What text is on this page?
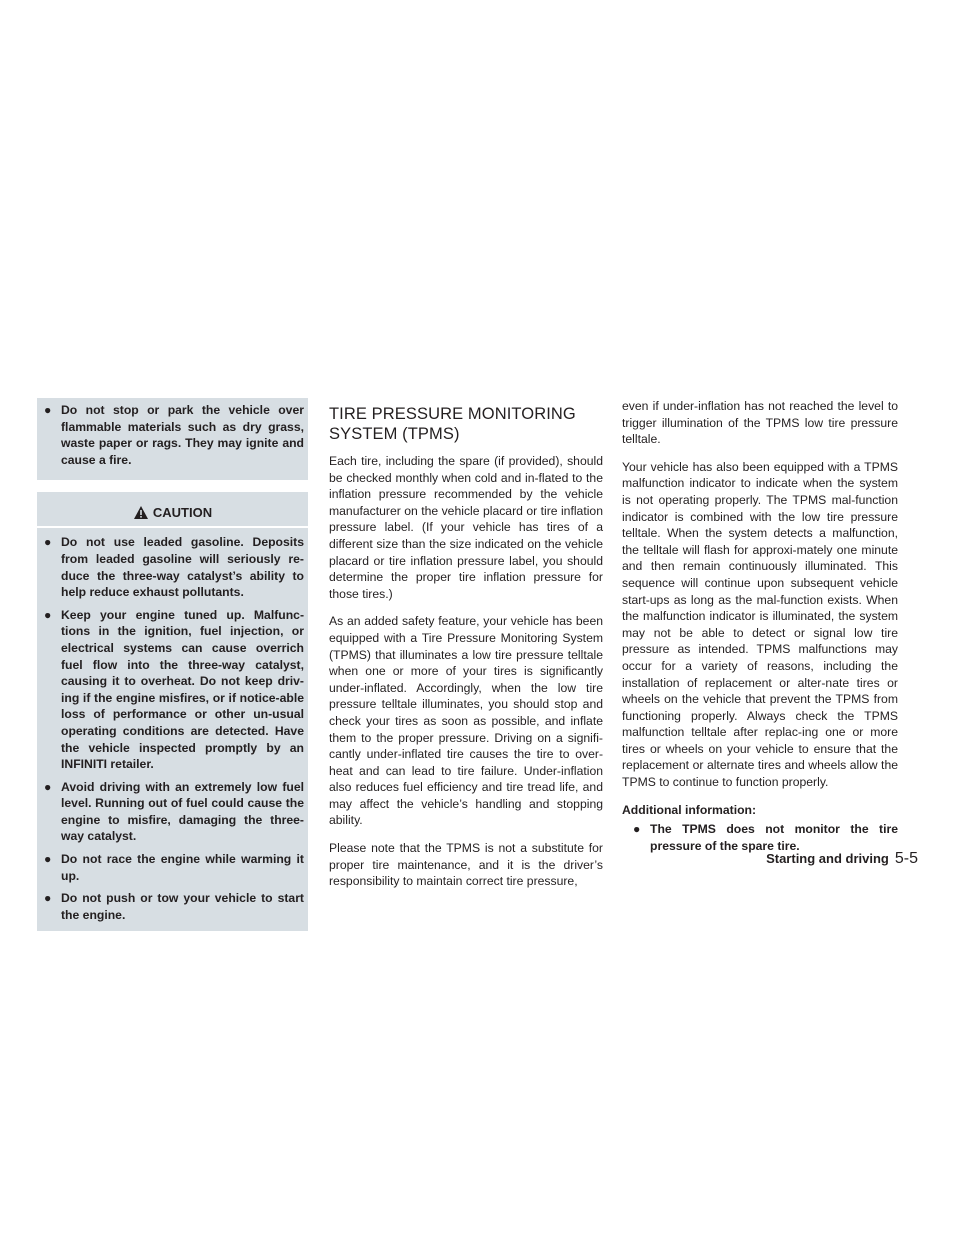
● Do not stop or park the vehicle over flammable materials such as dry grass, waste paper or rags. They may ignite and cause a fire.
CAUTION
● Do not use leaded gasoline. Deposits from leaded gasoline will seriously re-duce the three-way catalyst’s ability to help reduce exhaust pollutants.
● Keep your engine tuned up. Malfunc-tions in the ignition, fuel injection, or electrical systems can cause overrich fuel flow into the three-way catalyst, causing it to overheat. Do not keep driv-ing if the engine misfires, or if notice-able loss of performance or other un-usual operating conditions are detected. Have the vehicle inspected promptly by an INFINITI retailer.
● Avoid driving with an extremely low fuel level. Running out of fuel could cause the engine to misfire, damaging the three-way catalyst.
● Do not race the engine while warming it up.
● Do not push or tow your vehicle to start the engine.
TIRE PRESSURE MONITORING SYSTEM (TPMS)

Each tire, including the spare (if provided), should be checked monthly when cold and in-flated to the inflation pressure recommended by the vehicle manufacturer on the vehicle placard or tire inflation pressure label. (If your vehicle has tires of a different size than the size indicated on the vehicle placard or tire inflation pressure label, you should determine the proper tire inflation pressure for those tires.)

As an added safety feature, your vehicle has been equipped with a Tire Pressure Monitoring System (TPMS) that illuminates a low tire pressure telltale when one or more of your tires is significantly under-inflated. Accordingly, when the low tire pressure telltale illuminates, you should stop and check your tires as soon as possible, and inflate them to the proper pressure. Driving on a signifi-cantly under-inflated tire causes the tire to over-heat and can lead to tire failure. Under-inflation also reduces fuel efficiency and tire tread life, and may affect the vehicle’s handling and stopping ability.

Please note that the TPMS is not a substitute for proper tire maintenance, and it is the driver’s responsibility to maintain correct tire pressure,

even if under-inflation has not reached the level to trigger illumination of the TPMS low tire pressure telltale.

Your vehicle has also been equipped with a TPMS malfunction indicator to indicate when the system is not operating properly. The TPMS mal-function indicator is combined with the low tire pressure telltale. When the system detects a malfunction, the telltale will flash for approxi-mately one minute and then remain continuously illuminated. This sequence will continue upon subsequent vehicle start-ups as long as the mal-function exists. When the malfunction indicator is illuminated, the system may not be able to detect or signal low tire pressure as intended. TPMS malfunctions may occur for a variety of reasons, including the installation of replacement or alter-nate tires or wheels on the vehicle that prevent the TPMS from functioning properly. Always check the TPMS malfunction telltale after replac-ing one or more tires or wheels on your vehicle to ensure that the replacement or alternate tires and wheels allow the TPMS to continue to function properly.

Additional information:

● The TPMS does not monitor the tire pressure of the spare tire.
Starting and driving 5-5
